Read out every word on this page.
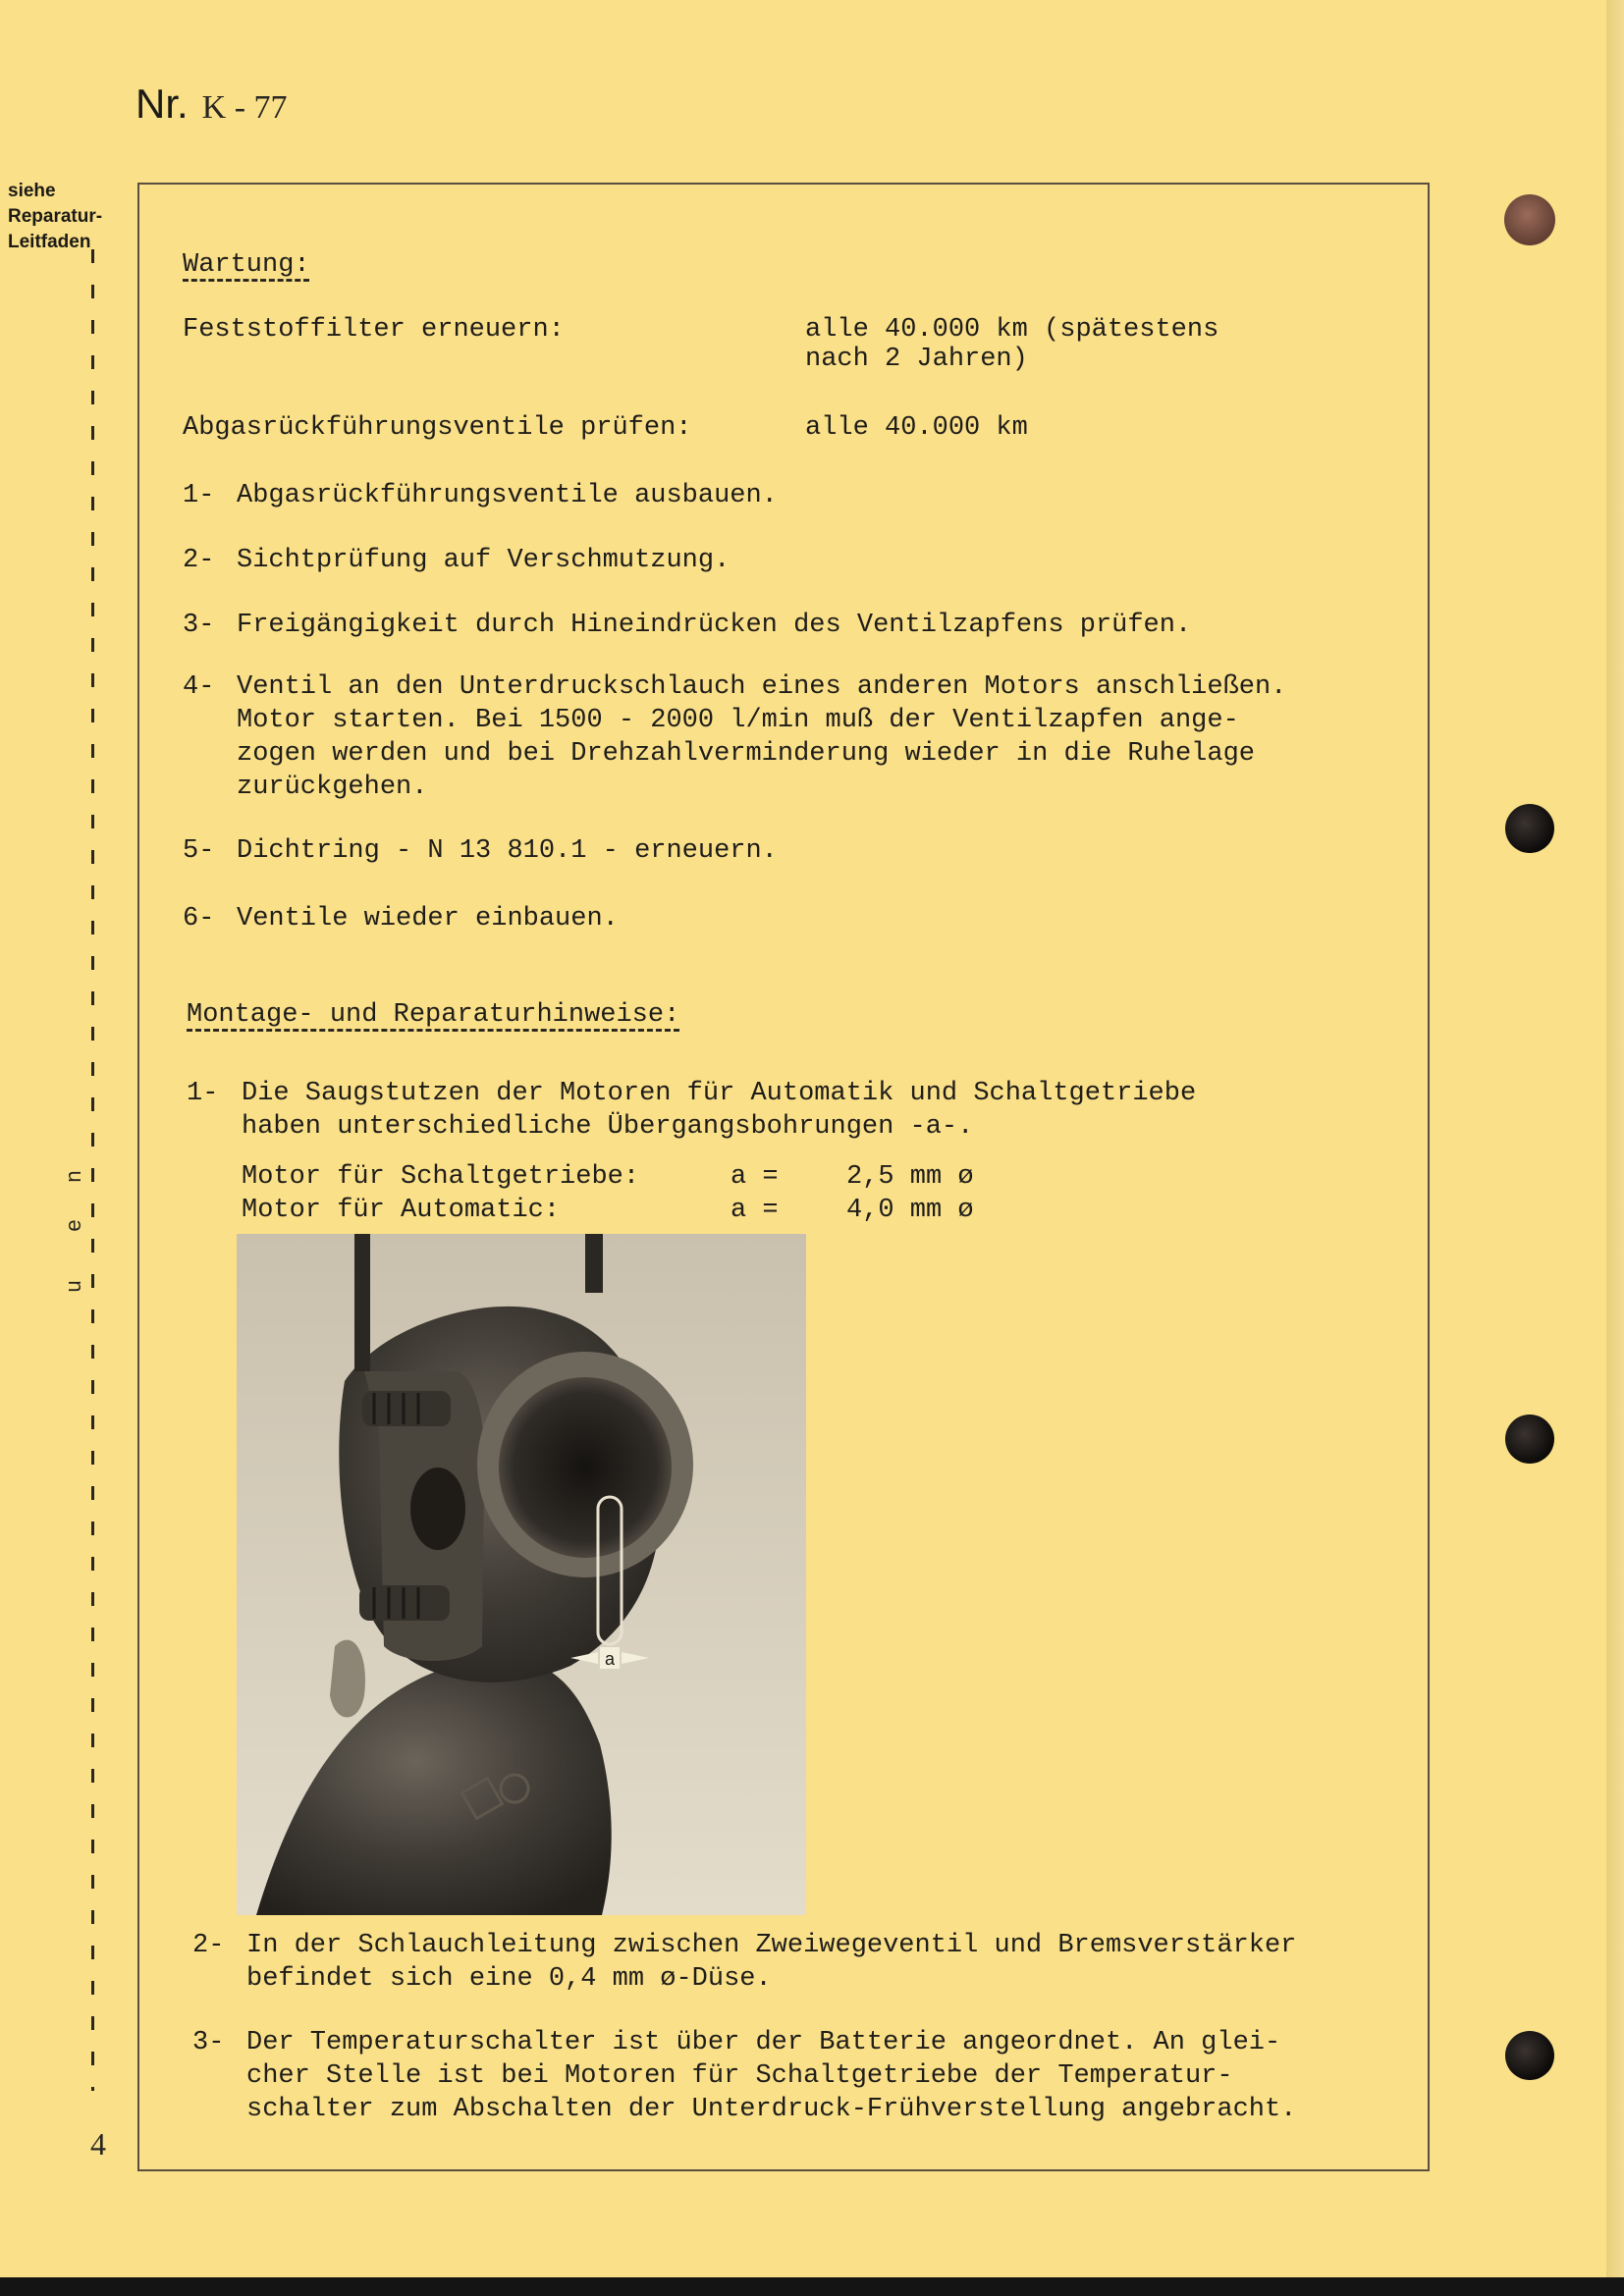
Nr. K - 77
siehe
Reparatur-
Leitfaden
n
e
u
4
Wartung:
Feststoffilter erneuern:	alle 40.000 km (spätestens
nach 2 Jahren)
Abgasrückführungsventile prüfen:	alle 40.000 km
1- Abgasrückführungsventile ausbauen.
2- Sichtprüfung auf Verschmutzung.
3- Freigängigkeit durch Hineindrücken des Ventilzapfens prüfen.
4- Ventil an den Unterdruckschlauch eines anderen Motors anschließen.
Motor starten. Bei 1500 - 2000 l/min muß der Ventilzapfen ange-
zogen werden und bei Drehzahlverminderung wieder in die Ruhelage
zurückgehen.
5- Dichtring - N 13 810.1 - erneuern.
6- Ventile wieder einbauen.
Montage- und Reparaturhinweise:
1- Die Saugstutzen der Motoren für Automatik und Schaltgetriebe
haben unterschiedliche Übergangsbohrungen -a-.
Motor für Schaltgetriebe:	a =	2,5 mm ø
Motor für Automatic:	a =	4,0 mm ø
a
2- In der Schlauchleitung zwischen Zweiwegeventil und Bremsverstärker
befindet sich eine 0,4 mm ø-Düse.
3- Der Temperaturschalter ist über der Batterie angeordnet. An glei-
cher Stelle ist bei Motoren für Schaltgetriebe der Temperatur-
schalter zum Abschalten der Unterdruck-Frühverstellung angebracht.
